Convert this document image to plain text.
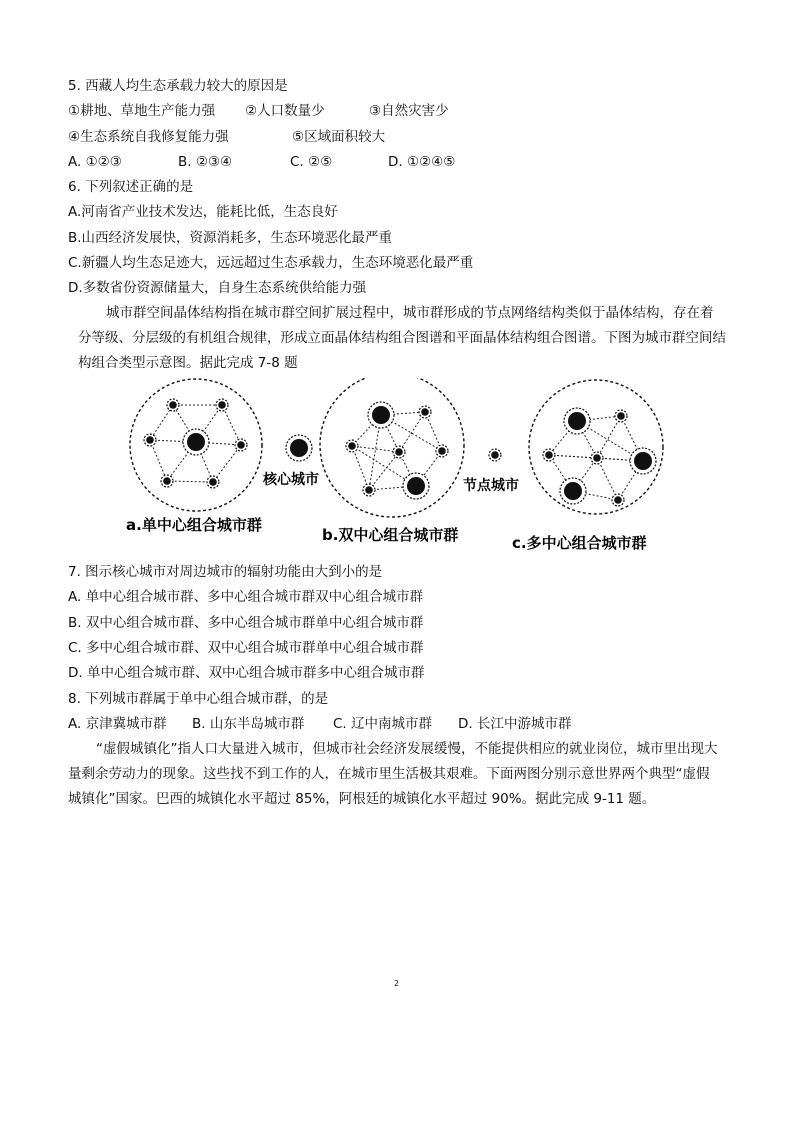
5. 西藏人均生态承载力较大的原因是
①耕地、草地生产能力强 ②人口数量少	③自然灾害少
④生态系统自我修复能力强	⑤区域面积较大
A. ①②③	B. ②③④	C. ②⑤	D. ①②④⑤
6. 下列叙述正确的是
A.河南省产业技术发达，能耗比低，生态良好
B.山西经济发展快，资源消耗多，生态环境恶化最严重
C.新疆人均生态足迹大，远远超过生态承载力，生态环境恶化最严重
D.多数省份资源储量大，自身生态系统供给能力强
城市群空间晶体结构指在城市群空间扩展过程中，城市群形成的节点网络结构类似于晶体结构，存在着分等级、分层级的有机组合规律，形成立面晶体结构组合图谱和平面晶体结构组合图谱。下图为城市群空间结构组合类型示意图。据此完成 7-8 题
核心城市	节点城市
a.单中心组合城市群
b.双中心组合城市群	c.多中心组合城市群
7. 图示核心城市对周边城市的辐射功能由大到小的是
A. 单中心组合城市群、多中心组合城市群双中心组合城市群
B. 双中心组合城市群、多中心组合城市群单中心组合城市群
C. 多中心组合城市群、双中心组合城市群单中心组合城市群
D. 单中心组合城市群、双中心组合城市群多中心组合城市群
8. 下列城市群属于单中心组合城市群，的是
A. 京津冀城市群 B. 山东半岛城市群 C. 辽中南城市群 D. 长江中游城市群
“虚假城镇化”指人口大量进入城市，但城市社会经济发展缓慢，不能提供相应的就业岗位，城市里出现大量剩余劳动力的现象。这些找不到工作的人，在城市里生活极其艰难。下面两图分别示意世界两个典型“虚假城镇化”国家。巴西的城镇化水平超过 85%，阿根廷的城镇化水平超过 90%。据此完成 9-11 题。
2
